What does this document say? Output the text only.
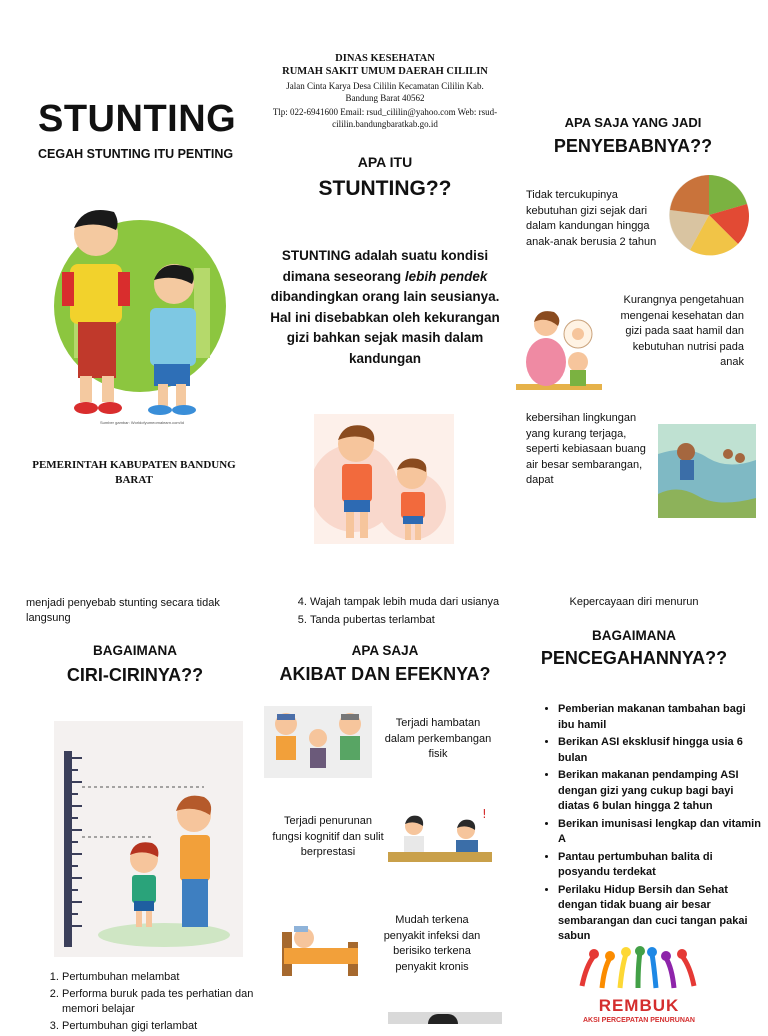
STUNTING
CEGAH STUNTING ITU PENTING
Sumber gambar: Worldofyumeomalearn.com/id
PEMERINTAH KABUPATEN BANDUNG BARAT
DINAS KESEHATAN
RUMAH SAKIT UMUM DAERAH CILILIN
Jalan Cinta Karya Desa Cililin Kecamatan Cililin Kab. Bandung Barat 40562
Tlp: 022-6941600 Email: rsud_cililin@yahoo.com Web: rsud-cililin.bandungbaratkab.go.id
APA ITU
STUNTING??
STUNTING adalah suatu kondisi dimana seseorang lebih pendek dibandingkan orang lain seusianya. Hal ini disebabkan oleh kekurangan gizi bahkan sejak masih dalam kandungan
APA SAJA YANG JADI
PENYEBABNYA??
Tidak tercukupinya kebutuhan gizi sejak dari dalam kandungan hingga anak-anak berusia 2 tahun
Kurangnya pengetahuan mengenai kesehatan dan gizi pada saat hamil dan kebutuhan nutrisi pada anak
kebersihan lingkungan yang kurang terjaga, seperti kebiasaan buang air besar sembarangan, dapat
menjadi penyebab stunting secara tidak langsung
BAGAIMANA
CIRI-CIRINYA??
1. Pertumbuhan melambat
2. Performa buruk pada tes perhatian dan memori belajar
3. Pertumbuhan gigi terlambat
4. Wajah tampak lebih muda dari usianya
5. Tanda pubertas terlambat
APA SAJA
AKIBAT DAN EFEKNYA?
Terjadi hambatan dalam perkembangan fisik
Terjadi penurunan fungsi kognitif dan sulit berprestasi
!
Mudah terkena penyakit infeksi dan berisiko terkena penyakit kronis
Kepercayaan diri menurun
BAGAIMANA
PENCEGAHANNYA??
• Pemberian makanan tambahan bagi ibu hamil
• Berikan ASI eksklusif hingga usia 6 bulan
• Berikan makanan pendamping ASI dengan gizi yang cukup bagi bayi diatas 6 bulan hingga 2 tahun
• Berikan imunisasi lengkap dan vitamin A
• Pantau pertumbuhan balita di posyandu terdekat
• Perilaku Hidup Bersih dan Sehat dengan tidak buang air besar sembarangan dan cuci tangan pakai sabun
REMBUK
AKSI PERCEPATAN PENURUNAN
